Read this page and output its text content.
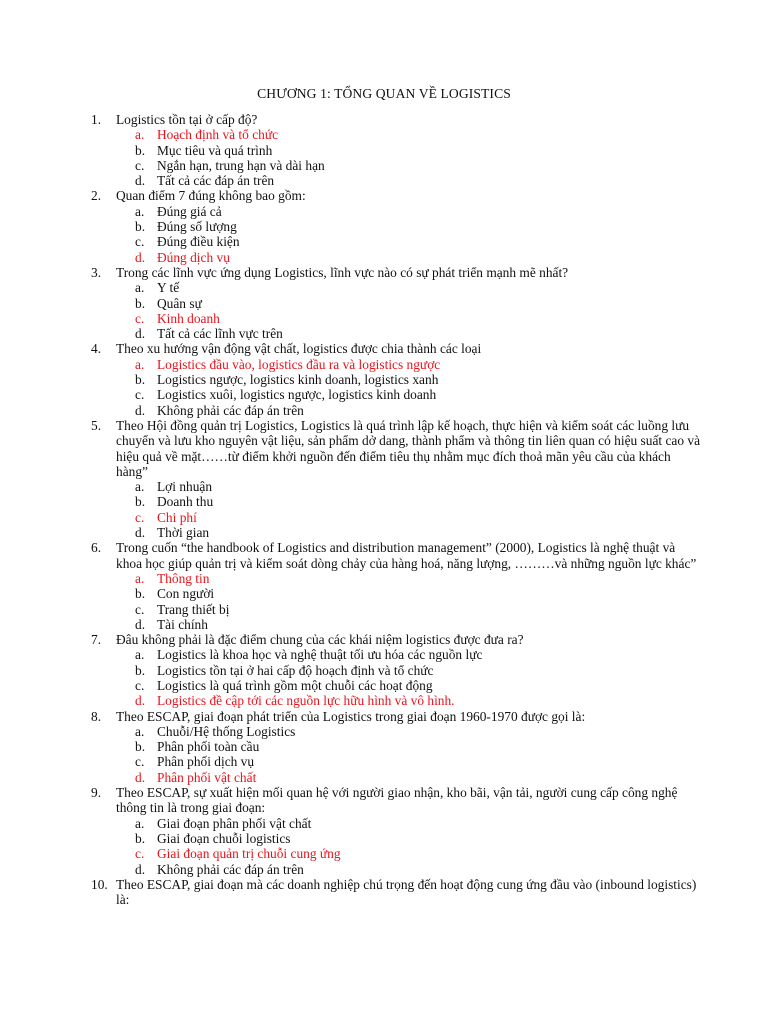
CHƯƠNG 1: TỔNG QUAN VỀ LOGISTICS
1. Logistics tồn tại ở cấp độ?
a. Hoạch định và tổ chức
b. Mục tiêu và quá trình
c. Ngắn hạn, trung hạn và dài hạn
d. Tất cả các đáp án trên
2. Quan điểm 7 đúng không bao gồm:
a. Đúng giá cả
b. Đúng số lượng
c. Đúng điều kiện
d. Đúng dịch vụ
3. Trong các lĩnh vực ứng dụng Logistics, lĩnh vực nào có sự phát triển mạnh mẽ nhất?
a. Y tế
b. Quân sự
c. Kinh doanh
d. Tất cả các lĩnh vực trên
4. Theo xu hướng vận động vật chất, logistics được chia thành các loại
a. Logistics đầu vào, logistics đầu ra và logistics ngược
b. Logistics ngược, logistics kinh doanh, logistics xanh
c. Logistics xuôi, logistics ngược, logistics kinh doanh
d. Không phải các đáp án trên
5. Theo Hội đồng quản trị Logistics, Logistics là quá trình lập kế hoạch, thực hiện và kiểm soát các luồng lưu chuyển và lưu kho nguyên vật liệu, sản phẩm dở dang, thành phẩm và thông tin liên quan có hiệu suất cao và hiệu quả về mặt……từ điểm khởi nguồn đến điểm tiêu thụ nhằm mục đích thoả mãn yêu cầu của khách hàng”
a. Lợi nhuận
b. Doanh thu
c. Chi phí
d. Thời gian
6. Trong cuốn “the handbook of Logistics and distribution management” (2000), Logistics là nghệ thuật và khoa học giúp quản trị và kiểm soát dòng chảy của hàng hoá, năng lượng, ………và những nguồn lực khác”
a. Thông tin
b. Con người
c. Trang thiết bị
d. Tài chính
7. Đâu không phải là đặc điểm chung của các khái niệm logistics được đưa ra?
a. Logistics là khoa học và nghệ thuật tối ưu hóa các nguồn lực
b. Logistics tồn tại ở hai cấp độ hoạch định và tổ chức
c. Logistics là quá trình gồm một chuỗi các hoạt động
d. Logistics đề cập tới các nguồn lực hữu hình và vô hình.
8. Theo ESCAP, giai đoạn phát triển của Logistics trong giai đoạn 1960-1970 được gọi là:
a. Chuỗi/Hệ thống Logistics
b. Phân phối toàn cầu
c. Phân phối dịch vụ
d. Phân phối vật chất
9. Theo ESCAP, sự xuất hiện mối quan hệ với người giao nhận, kho bãi, vận tải, người cung cấp công nghệ thông tin là trong giai đoạn:
a. Giai đoạn phân phối vật chất
b. Giai đoạn chuỗi logistics
c. Giai đoạn quản trị chuỗi cung ứng
d. Không phải các đáp án trên
10. Theo ESCAP, giai đoạn mà các doanh nghiệp chú trọng đến hoạt động cung ứng đầu vào (inbound logistics) là:
